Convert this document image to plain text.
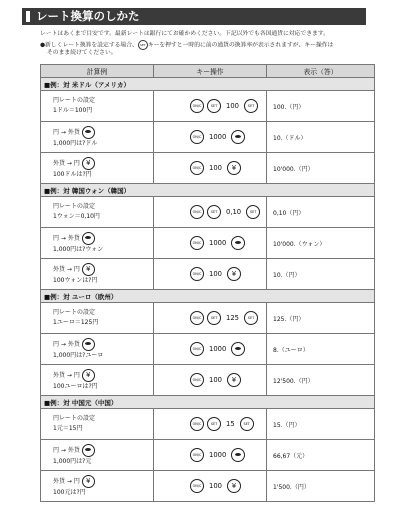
レート換算のしかた
レートはあくまで目安です。最新レートは銀行にてお確かめください。下記以外でも各国通貨に対応できます。
●新しくレート換算を設定する場合、 SET キーを押すと一時的に前の通貨の換算率が表示されますが、キー操作は
そのまま続けてください。
計算例	キー操作	表示（答）
■例：対 米ドル（アメリカ）		
円レートの設定
1ドル＝100円	ON/C SET 100 SET	100.（円）
円 → 外貨
1,000円は?ドル	ON/C 1000	10.（ドル）
外貨 → 円 ¥
100ドルは?円	ON/C 100 ¥	10'000.（円）
■例：対 韓国ウォン（韓国）		
円レートの設定
1ウォン＝0,10円	ON/C SET 0,10 SET	0,10（円）
円 → 外貨
1,000円は?ウォン	ON/C 1000	10'000.（ウォン）
外貨 → 円 ¥
100ウォンは?円	ON/C 100 ¥	10.（円）
■例：対 ユーロ（欧州）		
円レートの設定
1ユーロ＝125円	ON/C SET 125 SET	125.（円）
円 → 外貨
1,000円は?ユーロ	ON/C 1000	8.（ユーロ）
外貨 → 円 ¥
100ユーロは?円	ON/C 100 ¥	12'500.（円）
■例：対 中国元（中国）		
円レートの設定
1元＝15円	ON/C SET 15 SET	15.（円）
円 → 外貨
1,000円は?元	ON/C 1000	66,67（元）
外貨 → 円 ¥
100元は?円	ON/C 100 ¥	1'500.（円）
